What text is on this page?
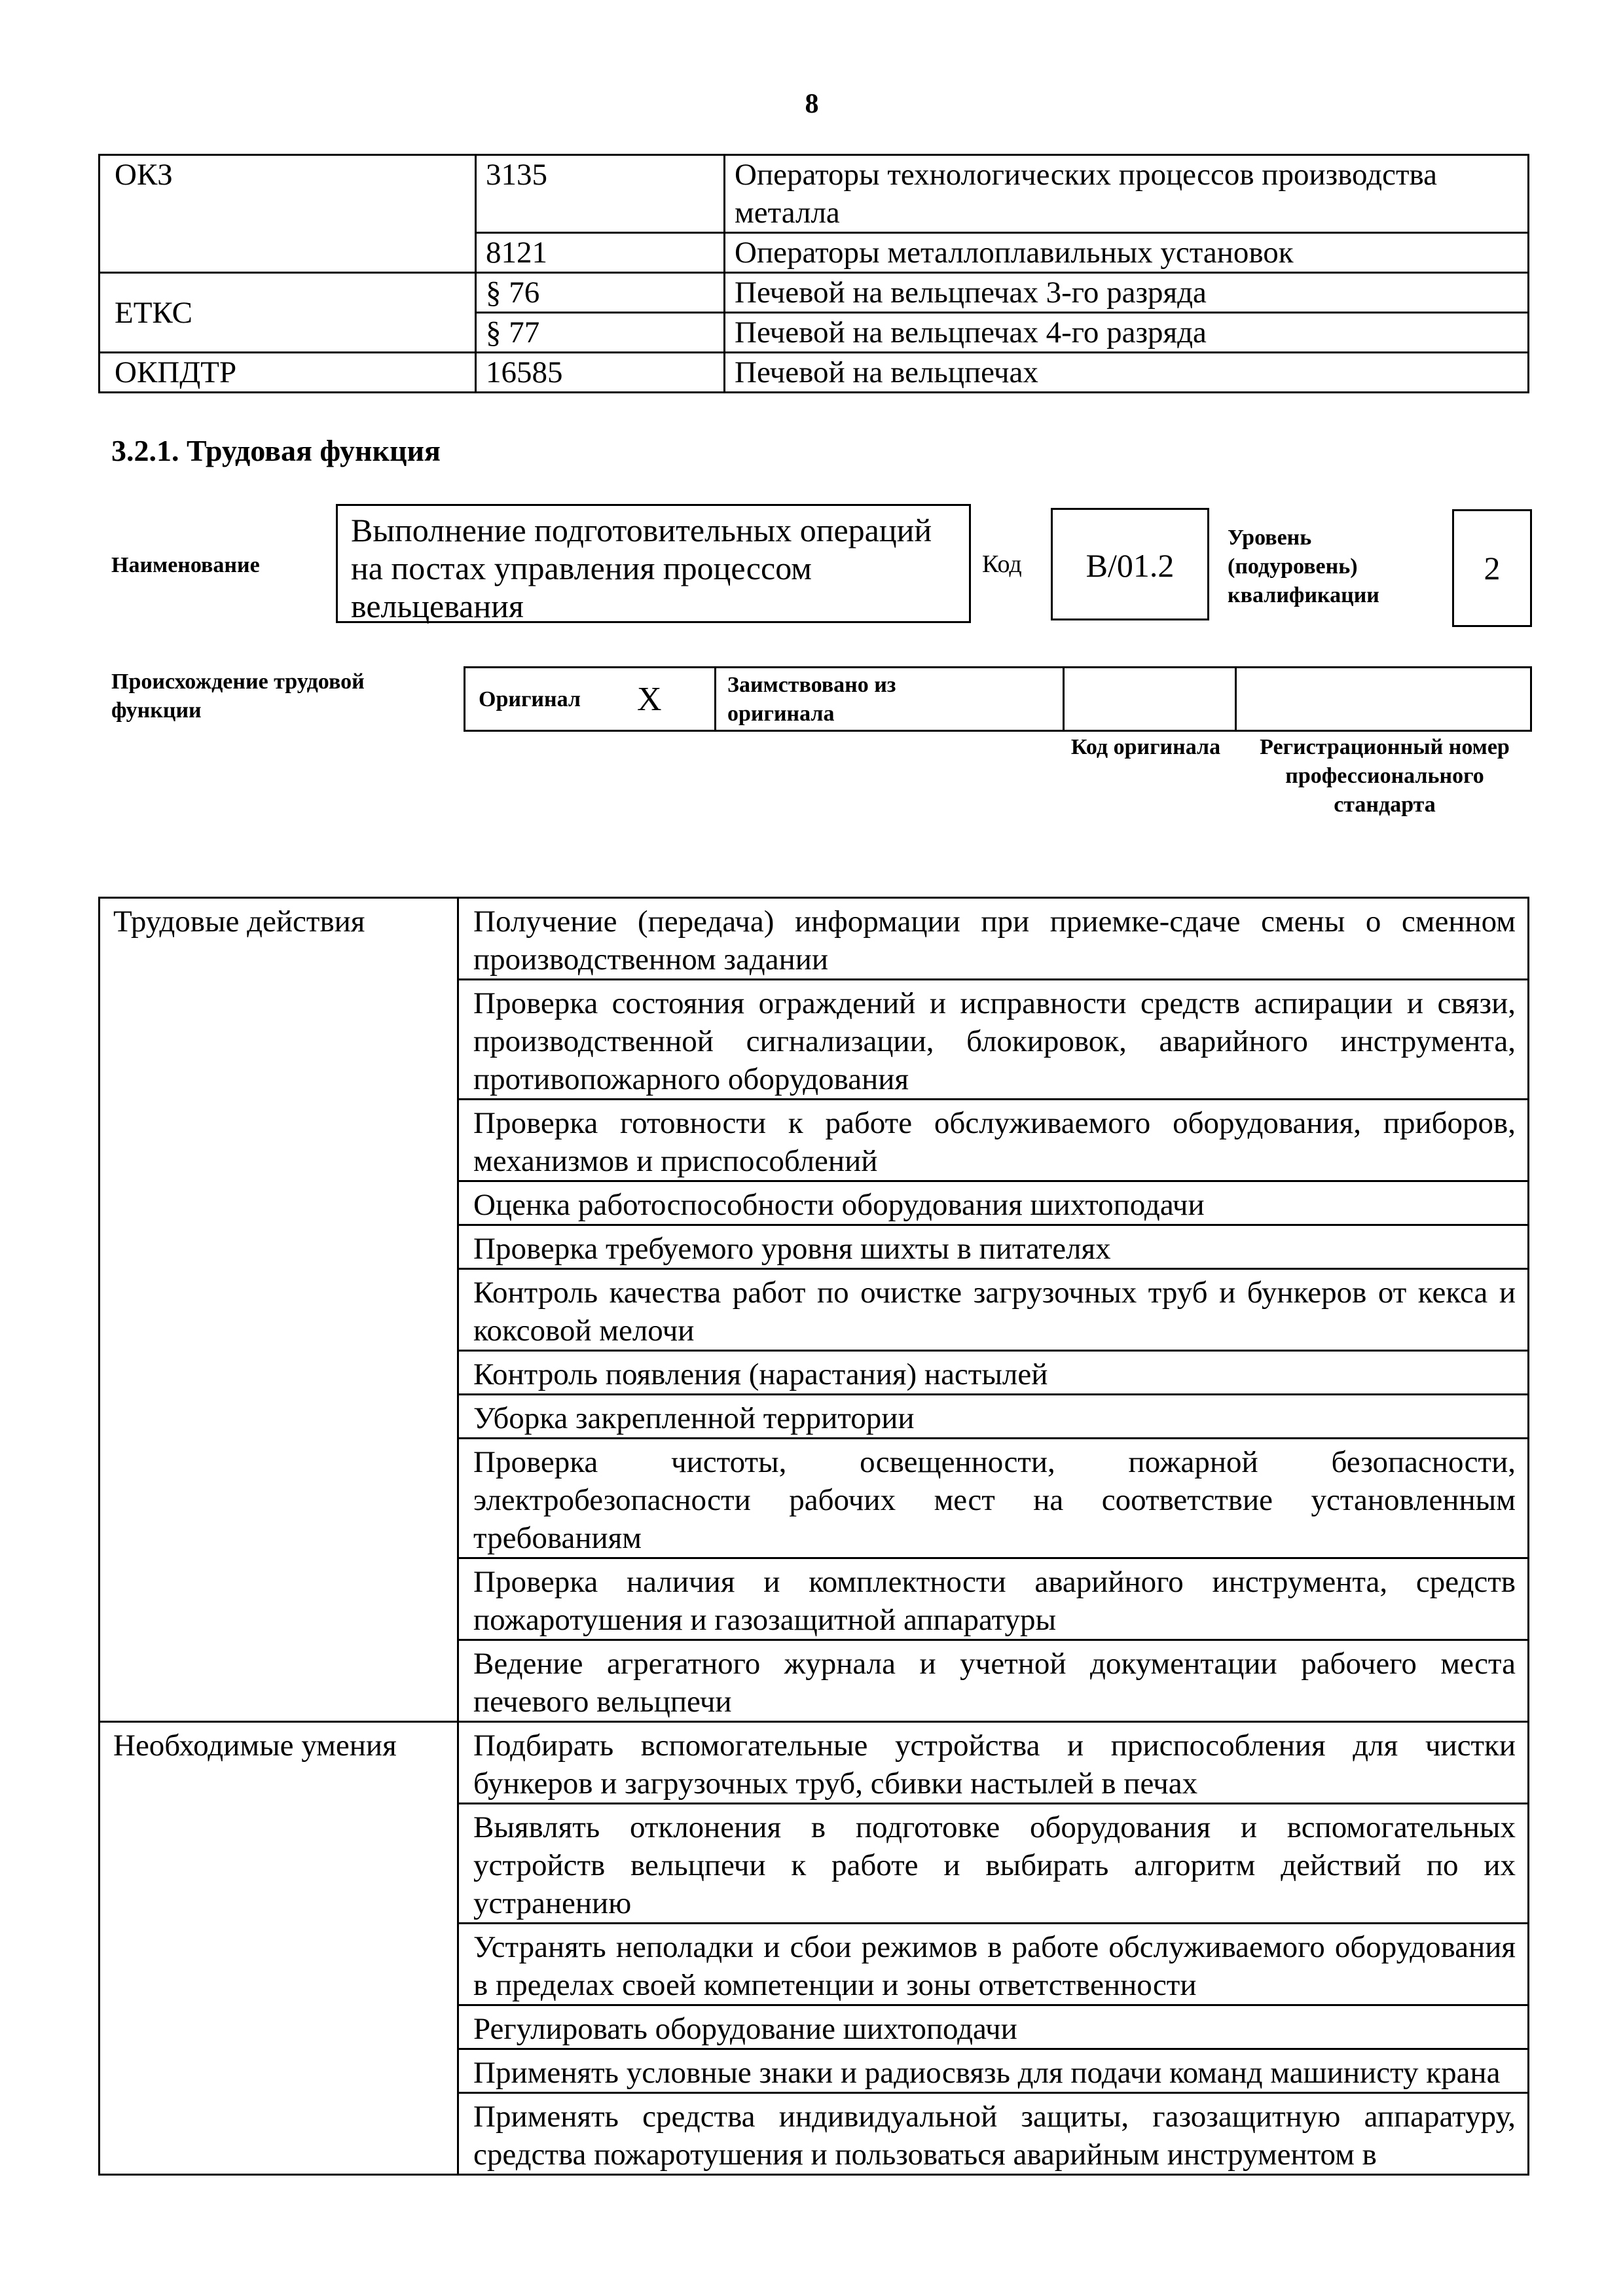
8
ОКЗ	3135	Операторы технологических процессов производства металла
	8121	Операторы металлоплавильных установок
ЕТКС	§ 76	Печевой на вельцпечах 3-го разряда
	§ 77	Печевой на вельцпечах 4-го разряда
ОКПДТР	16585	Печевой на вельцпечах
3.2.1. Трудовая функция
Наименование
Выполнение подготовительных операций на постах управления процессом вельцевания
Код	В/01.2
Уровень (подуровень) квалификации
2
Происхождение трудовой функции	Оригинал X	Заимствовано из оригинала
Код оригинала	Регистрационный номер профессионального стандарта
Трудовые действия	Получение (передача) информации при приемке-сдаче смены о сменном производственном задании
	Проверка состояния ограждений и исправности средств аспирации и связи, производственной сигнализации, блокировок, аварийного инструмента, противопожарного оборудования
	Проверка готовности к работе обслуживаемого оборудования, приборов, механизмов и приспособлений
	Оценка работоспособности оборудования шихтоподачи
	Проверка требуемого уровня шихты в питателях
	Контроль качества работ по очистке загрузочных труб и бункеров от кекса и коксовой мелочи
	Контроль появления (нарастания) настылей
	Уборка закрепленной территории
	Проверка чистоты, освещенности, пожарной безопасности, электробезопасности рабочих мест на соответствие установленным требованиям
	Проверка наличия и комплектности аварийного инструмента, средств пожаротушения и газозащитной аппаратуры
	Ведение агрегатного журнала и учетной документации рабочего места печевого вельцпечи
Необходимые умения	Подбирать вспомогательные устройства и приспособления для чистки бункеров и загрузочных труб, сбивки настылей в печах
	Выявлять отклонения в подготовке оборудования и вспомогательных устройств вельцпечи к работе и выбирать алгоритм действий по их устранению
	Устранять неполадки и сбои режимов в работе обслуживаемого оборудования в пределах своей компетенции и зоны ответственности
	Регулировать оборудование шихтоподачи
	Применять условные знаки и радиосвязь для подачи команд машинисту крана
	Применять средства индивидуальной защиты, газозащитную аппаратуру, средства пожаротушения и пользоваться аварийным инструментом в
